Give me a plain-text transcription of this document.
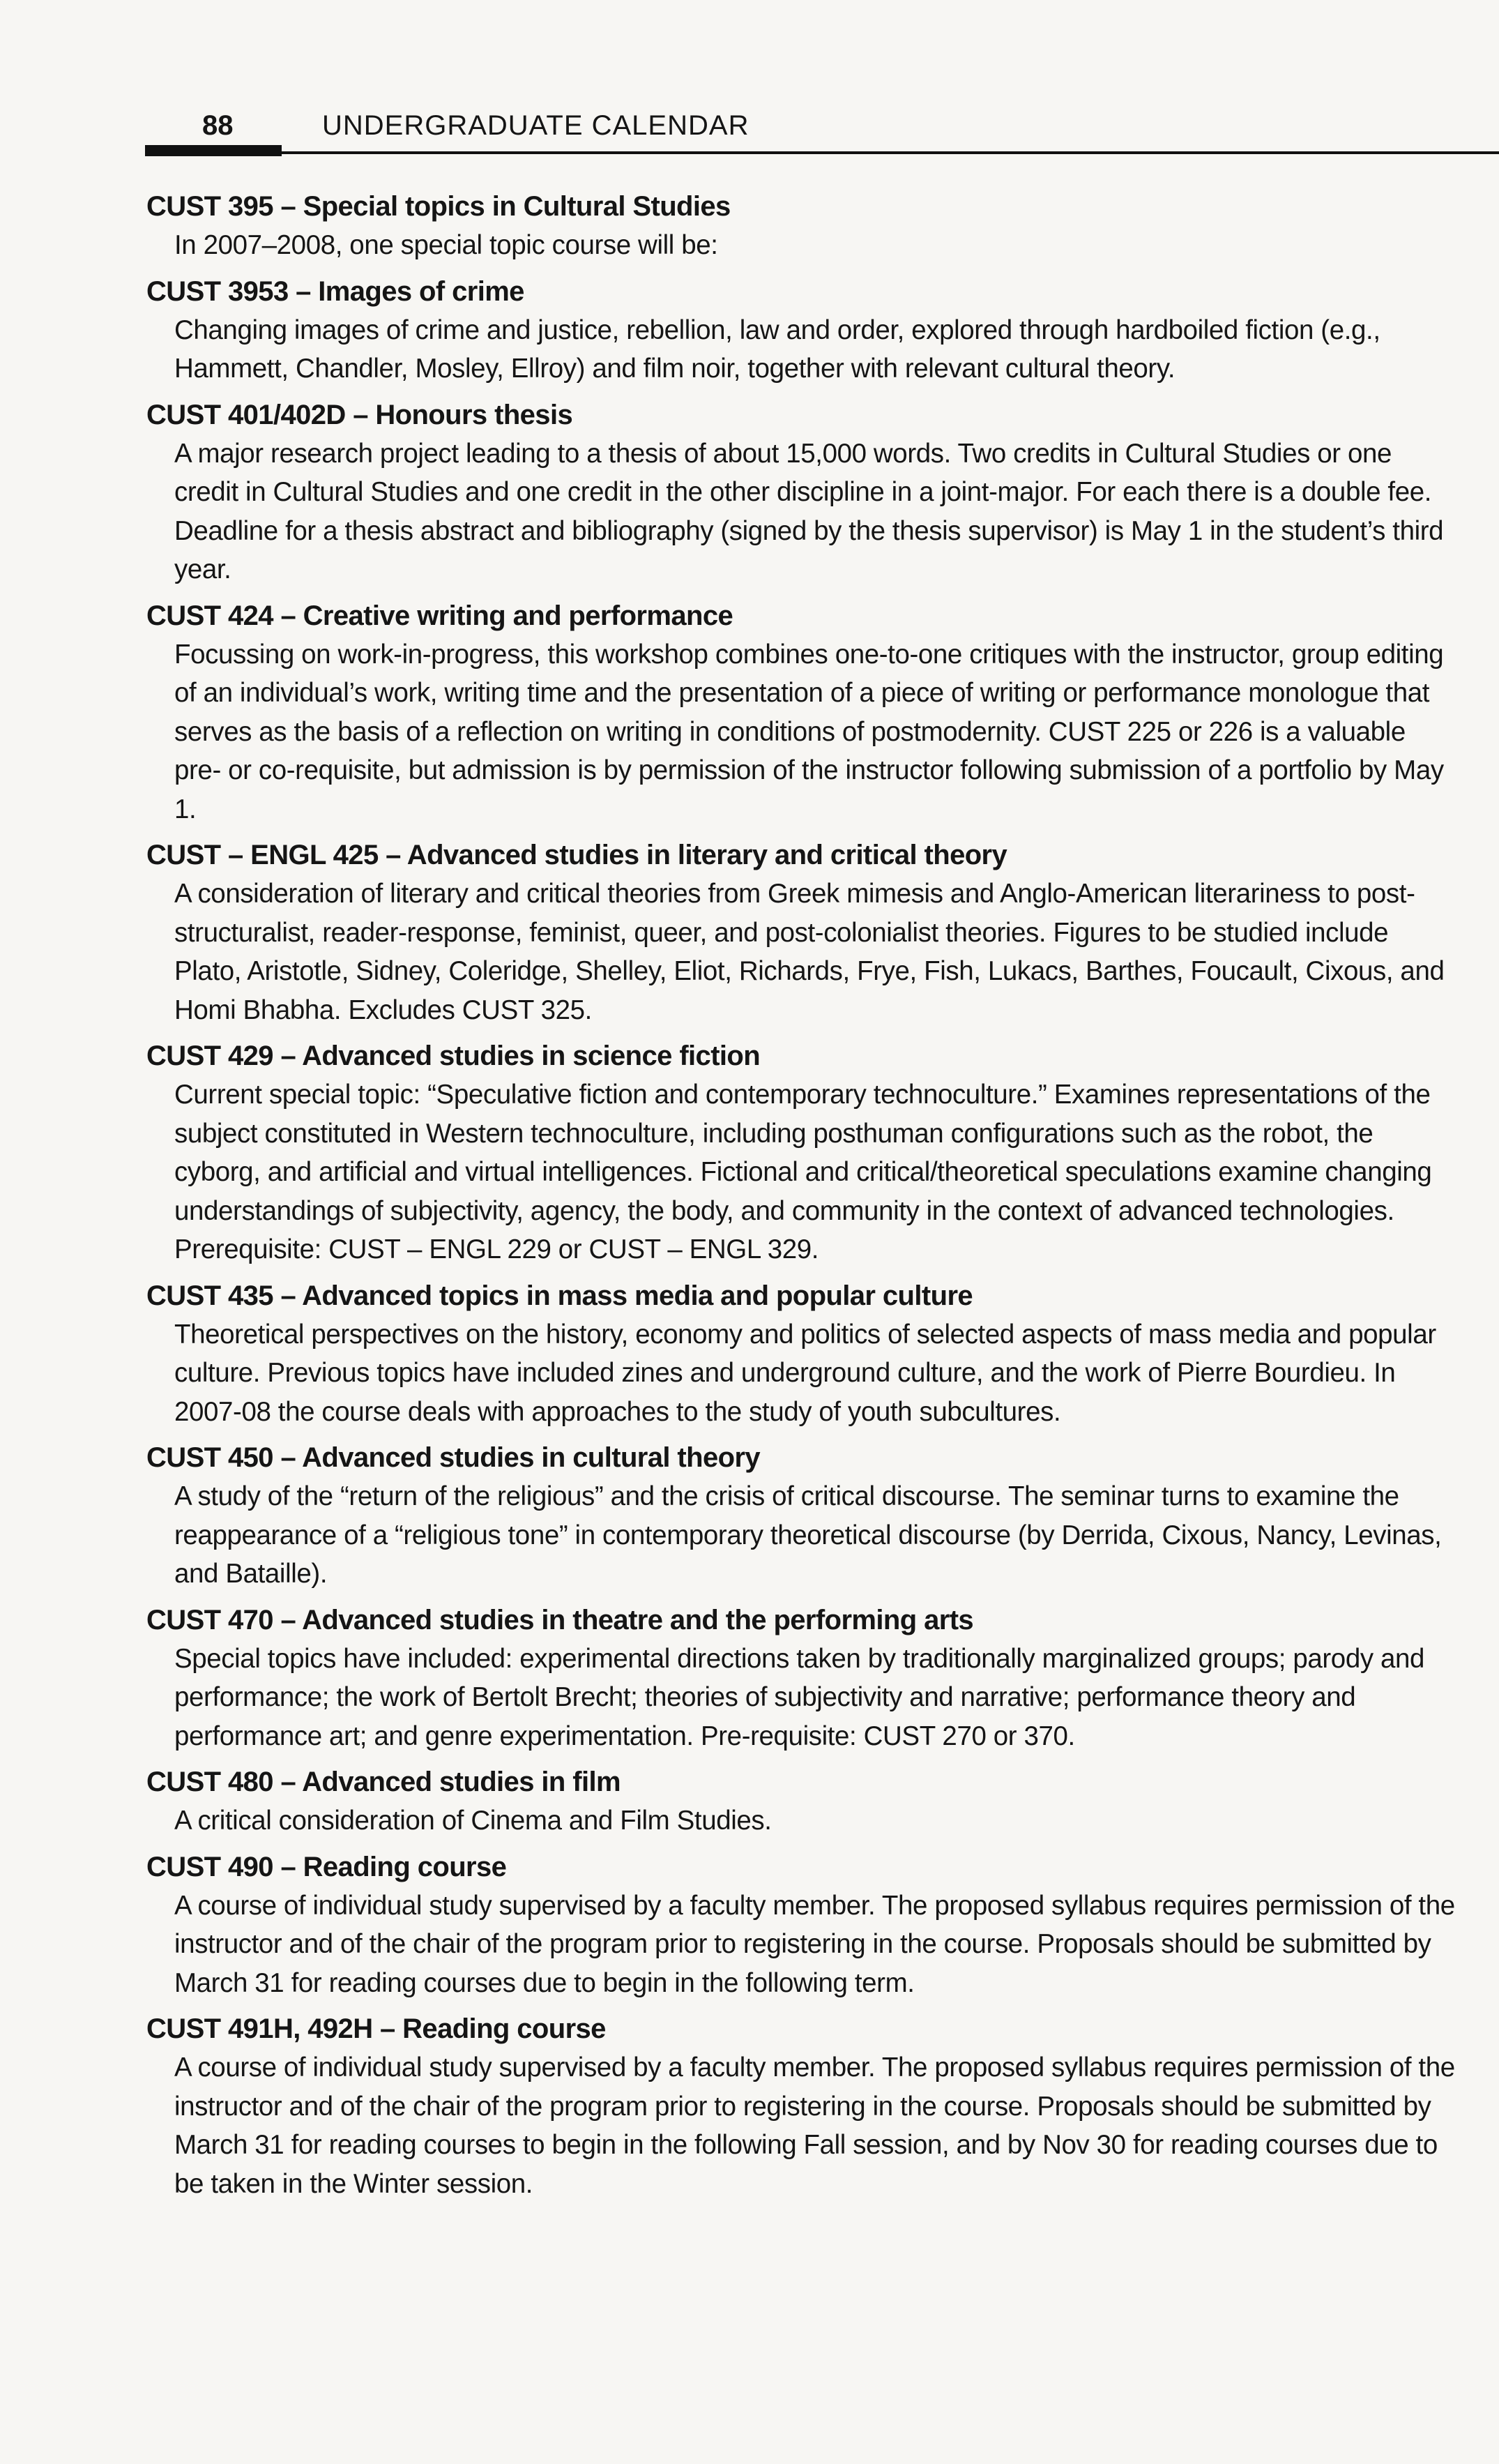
88	UNDERGRADUATE CALENDAR
CUST 395 – Special topics in Cultural Studies
In 2007–2008, one special topic course will be:
CUST 3953 – Images of crime
Changing images of crime and justice, rebellion, law and order, explored through hardboiled fiction (e.g., Hammett, Chandler, Mosley, Ellroy) and film noir, together with relevant cultural theory.
CUST 401/402D – Honours thesis
A major research project leading to a thesis of about 15,000 words. Two credits in Cultural Studies or one credit in Cultural Studies and one credit in the other discipline in a joint-major. For each there is a double fee. Deadline for a thesis abstract and bibliography (signed by the thesis supervisor) is May 1 in the student’s third year.
CUST 424 – Creative writing and performance
Focussing on work-in-progress, this workshop combines one-to-one critiques with the instructor, group editing of an individual’s work, writing time and the presentation of a piece of writing or performance monologue that serves as the basis of a reflection on writing in conditions of postmodernity. CUST 225 or 226 is a valuable pre- or co-requisite, but admission is by permission of the instructor following submission of a portfolio by May 1.
CUST – ENGL 425 – Advanced studies in literary and critical theory
A consideration of literary and critical theories from Greek mimesis and Anglo-American literariness to post-structuralist, reader-response, feminist, queer, and post-colonialist theories. Figures to be studied include Plato, Aristotle, Sidney, Coleridge, Shelley, Eliot, Richards, Frye, Fish, Lukacs, Barthes, Foucault, Cixous, and Homi Bhabha. Excludes CUST 325.
CUST 429 – Advanced studies in science fiction
Current special topic: “Speculative fiction and contemporary technoculture.” Examines representations of the subject constituted in Western technoculture, including posthuman configurations such as the robot, the cyborg, and artificial and virtual intelligences. Fictional and critical/theoretical speculations examine changing understandings of subjectivity, agency, the body, and community in the context of advanced technologies. Prerequisite: CUST – ENGL 229 or CUST – ENGL 329.
CUST 435 – Advanced topics in mass media and popular culture
Theoretical perspectives on the history, economy and politics of selected aspects of mass media and popular culture. Previous topics have included zines and underground culture, and the work of Pierre Bourdieu. In 2007-08 the course deals with approaches to the study of youth subcultures.
CUST 450 – Advanced studies in cultural theory
A study of the “return of the religious” and the crisis of critical discourse. The seminar turns to examine the reappearance of a “religious tone” in contemporary theoretical discourse (by Derrida, Cixous, Nancy, Levinas, and Bataille).
CUST 470 – Advanced studies in theatre and the performing arts
Special topics have included: experimental directions taken by traditionally marginalized groups; parody and performance; the work of Bertolt Brecht; theories of subjectivity and narrative; performance theory and performance art; and genre experimentation. Pre-requisite: CUST 270 or 370.
CUST 480 – Advanced studies in film
A critical consideration of Cinema and Film Studies.
CUST 490 – Reading course
A course of individual study supervised by a faculty member. The proposed syllabus requires permission of the instructor and of the chair of the program prior to registering in the course. Proposals should be submitted by March 31 for reading courses due to begin in the following term.
CUST 491H, 492H – Reading course
A course of individual study supervised by a faculty member. The proposed syllabus requires permission of the instructor and of the chair of the program prior to registering in the course. Proposals should be submitted by March 31 for reading courses to begin in the following Fall session, and by Nov 30 for reading courses due to be taken in the Winter session.
